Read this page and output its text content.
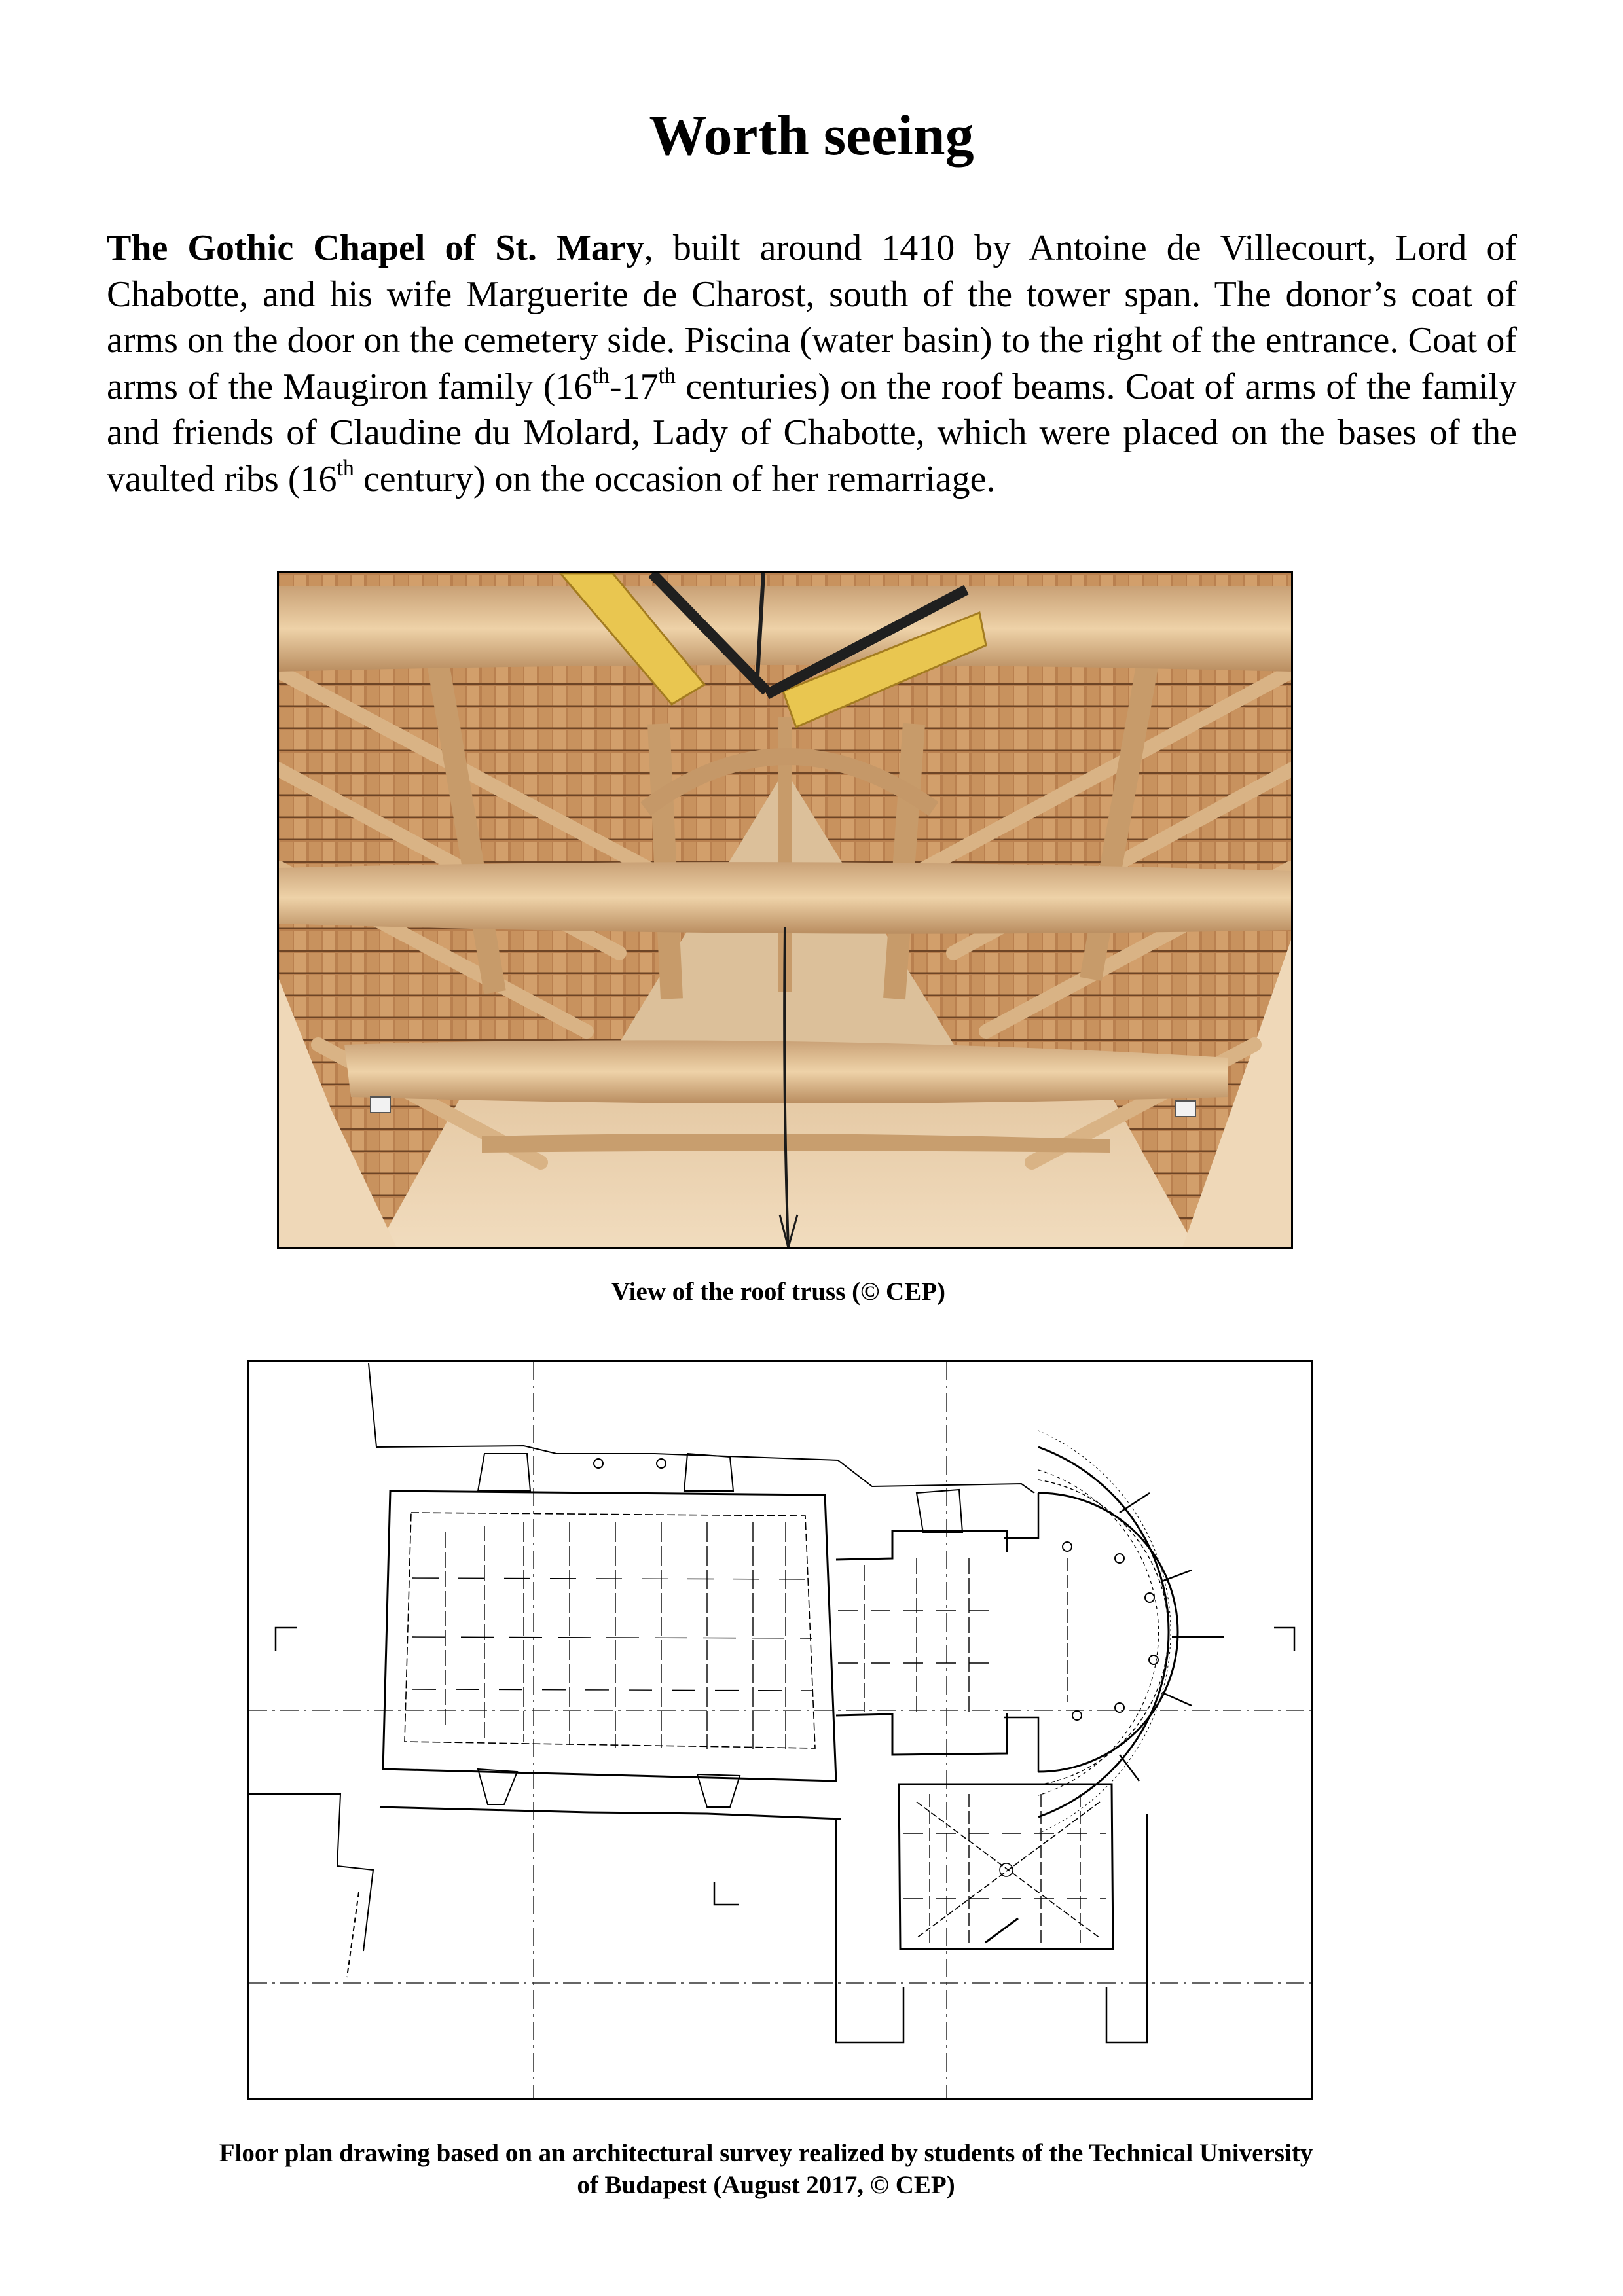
Worth seeing

The Gothic Chapel of St. Mary, built around 1410 by Antoine de Villecourt, Lord of Chabotte, and his wife Marguerite de Charost, south of the tower span. The donor’s coat of arms on the door on the cemetery side. Piscina (water basin) to the right of the entrance. Coat of arms of the Maugiron family (16th-17th centuries) on the roof beams. Coat of arms of the family and friends of Claudine du Molard, Lady of Chabotte, which were placed on the bases of the vaulted ribs (16th century) on the occasion of her remarriage.

View of the roof truss (© CEP)

Floor plan drawing based on an architectural survey realized by students of the Technical University
of Budapest (August 2017, © CEP)
